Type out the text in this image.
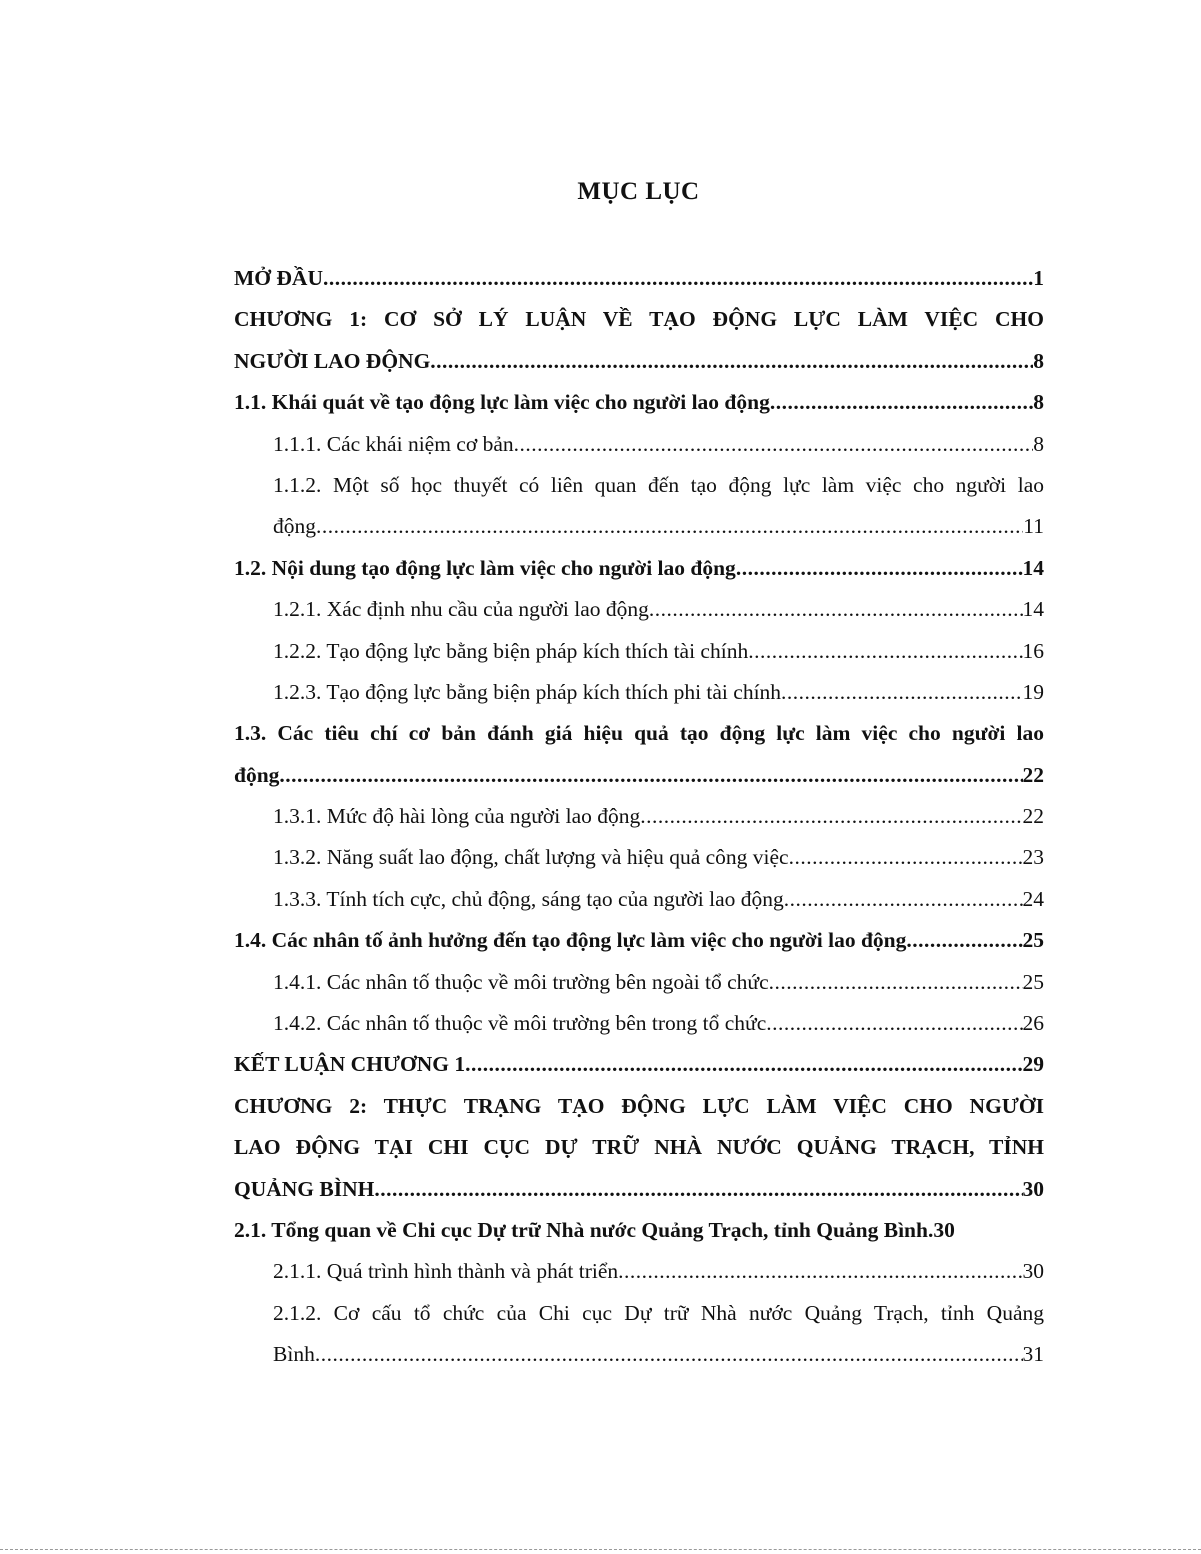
MỤC LỤC
MỞ ĐẦU .....	1
CHƯƠNG 1: CƠ SỞ LÝ LUẬN VỀ TẠO ĐỘNG LỰC LÀM VIỆC CHO
NGƯỜI LAO ĐỘNG .....	8
1.1. Khái quát về tạo động lực làm việc cho người lao động .....	8
1.1.1. Các khái niệm cơ bản .....	8
1.1.2. Một số học thuyết có liên quan đến tạo động lực làm việc cho người lao
động .....	11
1.2. Nội dung tạo động lực làm việc cho người lao động .....	14
1.2.1. Xác định nhu cầu của người lao động .....	14
1.2.2. Tạo động lực bằng biện pháp kích thích tài chính .....	16
1.2.3. Tạo động lực bằng biện pháp kích thích phi tài chính .....	19
1.3. Các tiêu chí cơ bản đánh giá hiệu quả tạo động lực làm việc cho người lao
động .....	22
1.3.1. Mức độ hài lòng của người lao động .....	22
1.3.2. Năng suất lao động, chất lượng và hiệu quả công việc .....	23
1.3.3. Tính tích cực, chủ động, sáng tạo của người lao động .....	24
1.4. Các nhân tố ảnh hưởng đến tạo động lực làm việc cho người lao động .....	25
1.4.1. Các nhân tố thuộc về môi trường bên ngoài tổ chức .....	25
1.4.2. Các nhân tố thuộc về môi trường bên trong tổ chức .....	26
KẾT LUẬN CHƯƠNG 1 .....	29
CHƯƠNG 2: THỰC TRẠNG TẠO ĐỘNG LỰC LÀM VIỆC CHO NGƯỜI
LAO ĐỘNG TẠI CHI CỤC DỰ TRỮ NHÀ NƯỚC QUẢNG TRẠCH, TỈNH
QUẢNG BÌNH .....	30
2.1. Tổng quan về Chi cục Dự trữ Nhà nước Quảng Trạch, tỉnh Quảng Bình. 30
2.1.1. Quá trình hình thành và phát triển .....	30
2.1.2. Cơ cấu tổ chức của Chi cục Dự trữ Nhà nước Quảng Trạch, tỉnh Quảng
Bình .....	31
